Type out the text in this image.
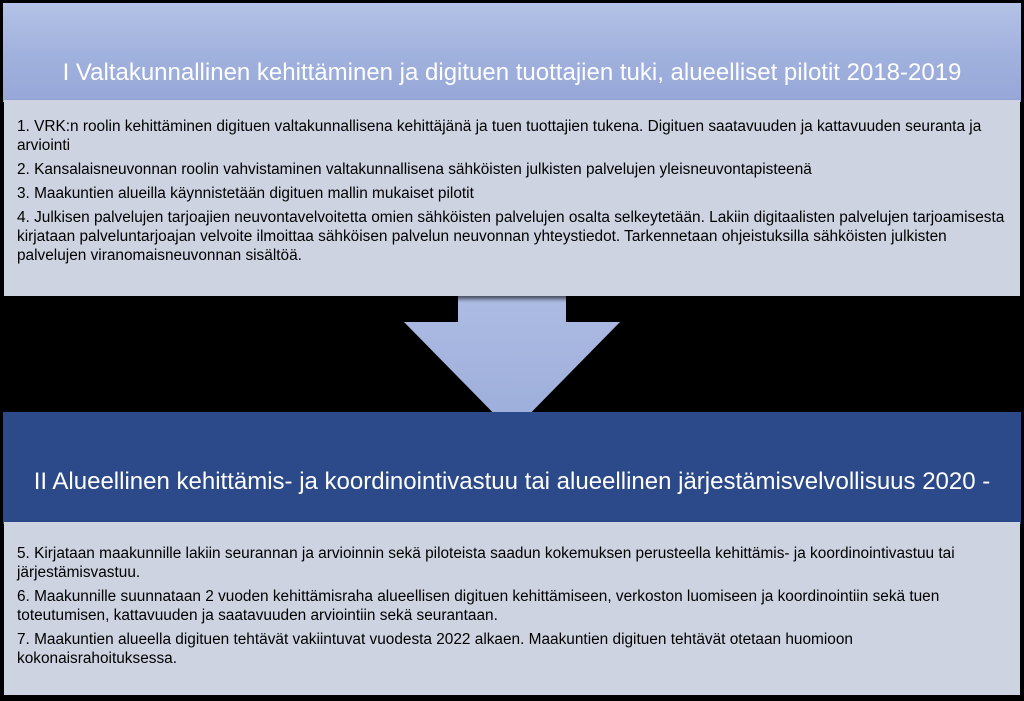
I Valtakunnallinen kehittäminen ja digituen tuottajien tuki, alueelliset pilotit 2018-2019
1. VRK:n roolin kehittäminen digituen valtakunnallisena kehittäjänä ja tuen tuottajien tukena. Digituen saatavuuden ja kattavuuden seuranta ja arviointi
2. Kansalaisneuvonnan roolin vahvistaminen valtakunnallisena sähköisten julkisten palvelujen yleisneuvontapisteenä
3. Maakuntien alueilla käynnistetään digituen mallin mukaiset pilotit
4. Julkisen palvelujen tarjoajien neuvontavelvoitetta omien sähköisten palvelujen osalta selkeytetään. Lakiin digitaalisten palvelujen tarjoamisesta kirjataan palveluntarjoajan velvoite ilmoittaa sähköisen palvelun neuvonnan yhteystiedot. Tarkennetaan ohjeistuksilla sähköisten julkisten palvelujen viranomaisneuvonnan sisältöä.
II Alueellinen kehittämis- ja koordinointivastuu tai alueellinen järjestämisvelvollisuus 2020 -
5. Kirjataan maakunnille lakiin seurannan ja arvioinnin sekä piloteista saadun kokemuksen perusteella kehittämis- ja koordinointivastuu tai järjestämisvastuu.
6. Maakunnille suunnataan 2 vuoden kehittämisraha alueellisen digituen kehittämiseen, verkoston luomiseen ja koordinointiin sekä tuen toteutumisen, kattavuuden ja saatavuuden arviointiin sekä seurantaan.
7. Maakuntien alueella digituen tehtävät vakiintuvat vuodesta 2022 alkaen. Maakuntien digituen tehtävät otetaan huomioon kokonaisrahoituksessa.
